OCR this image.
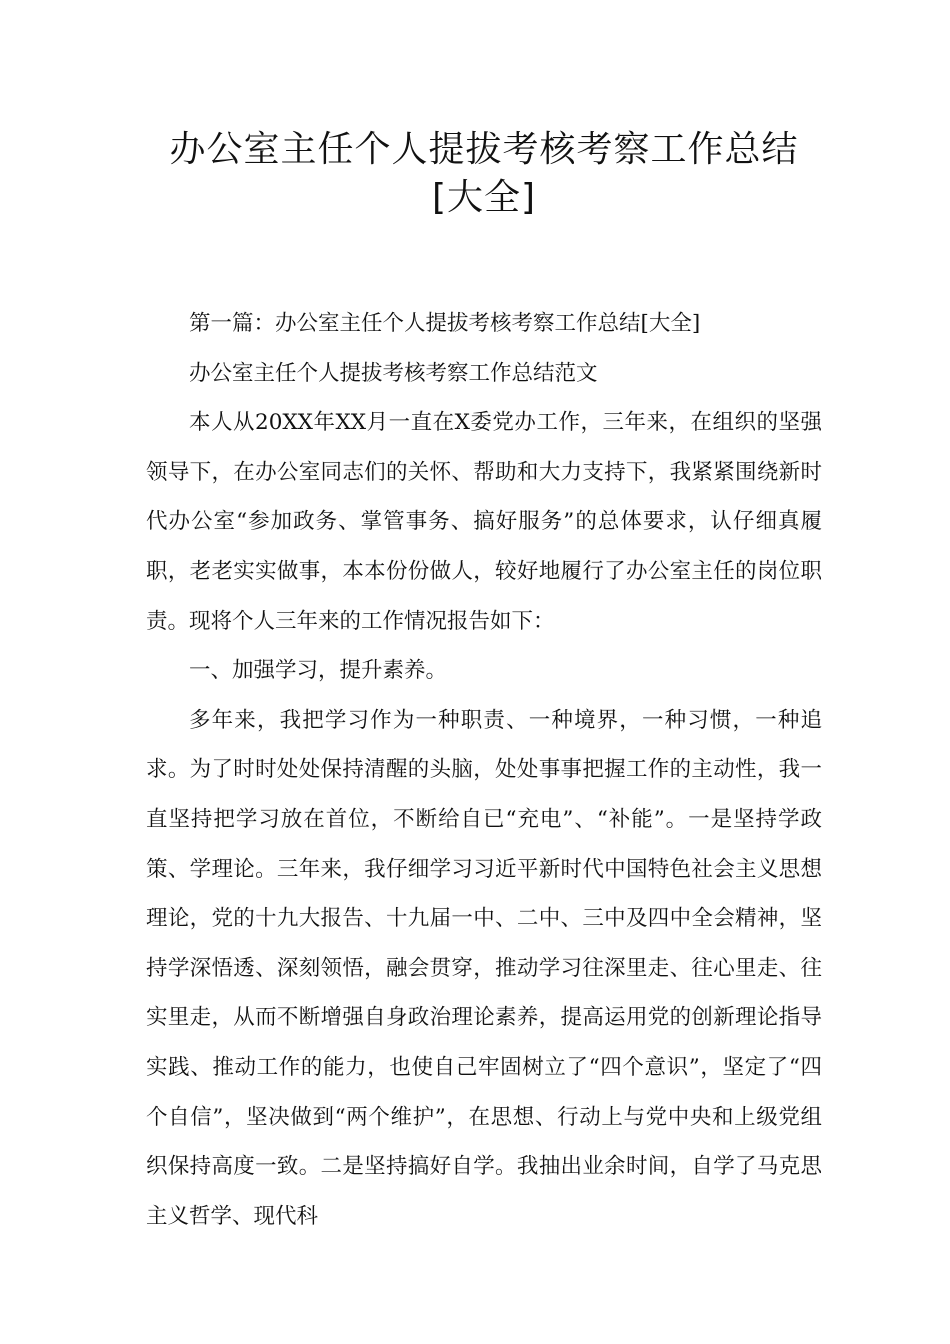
办公室主任个人提拔考核考察工作总结
[大全]

第一篇：办公室主任个人提拔考核考察工作总结[大全]

办公室主任个人提拔考核考察工作总结范文

本人从20XX年XX月一直在X委党办工作，三年来，在组织的坚强领导下，在办公室同志们的关怀、帮助和大力支持下，我紧紧围绕新时代办公室“参加政务、掌管事务、搞好服务”的总体要求，认仔细真履职，老老实实做事，本本份份做人，较好地履行了办公室主任的岗位职责。现将个人三年来的工作情况报告如下：

一、加强学习，提升素养。

多年来，我把学习作为一种职责、一种境界，一种习惯，一种追求。为了时时处处保持清醒的头脑，处处事事把握工作的主动性，我一直坚持把学习放在首位，不断给自已“充电”、“补能”。一是坚持学政策、学理论。三年来，我仔细学习习近平新时代中国特色社会主义思想理论，党的十九大报告、十九届一中、二中、三中及四中全会精神，坚持学深悟透、深刻领悟，融会贯穿，推动学习往深里走、往心里走、往实里走，从而不断增强自身政治理论素养，提高运用党的创新理论指导实践、推动工作的能力，也使自己牢固树立了“四个意识”，坚定了“四个自信”，坚决做到“两个维护”，在思想、行动上与党中央和上级党组织保持高度一致。二是坚持搞好自学。我抽出业余时间，自学了马克思主义哲学、现代科
